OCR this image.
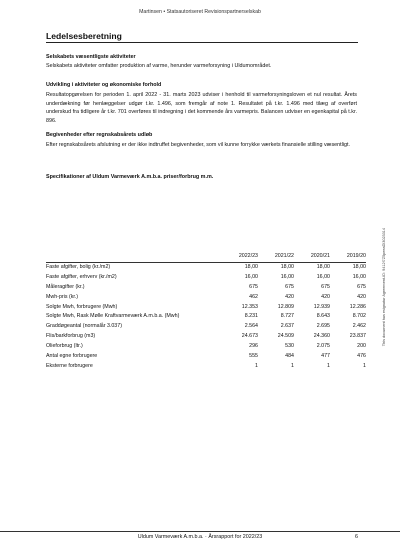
Martinsen • Statsautoriseret Revisionspartnerselskab
Ledelsesberetning
Selskabets væsentligste aktiviteter
Selskabets aktiviteter omfatter produktion af varme, herunder varmeforsyning i Uldumområdet.
Udvikling i aktiviteter og økonomiske forhold
Resultatopgørelsen for perioden 1. april 2022 - 31. marts 2023 udviser i henhold til varmeforsyningsloven et nul resultat. Årets underdækning før henlæggelser udgør t.kr. 1.496, som fremgår af note 1. Resultatet på t.kr. 1.496 med tilæg af overført underskud fra tidligere år t.kr. 701 overføres til indregning i det kommende års varmepris. Balancen udviser en egenkapital på t.kr. 896.
Begivenheder efter regnskabsårets udløb
Efter regnskabsårets afslutning er der ikke indtruffet begivenheder, som vil kunne forrykke værkets finansielle stilling væsentligt.
Specifikationer af Uldum Varmeværk A.m.b.a. priser/forbrug m.m.
	2022/23	2021/22	2020/21	2019/20
Faste afgifter, bolig (kr./m2)	18,00	18,00	18,00	18,00
Faste afgifter, erhverv (kr./m2)	16,00	16,00	16,00	16,00
Måleragifter (kr.)	675	675	675	675
Mwh-pris (kr.)	462	420	420	420
Solgte Mwh, forbrugere (Mwh)	12.353	12.809	12.939	12.286
Solgte Mwh, Rask Mølle Kraftvarmeværk A.m.b.a. (Mwh)	8.231	8.727	8.643	8.702
Graddøgeantal (normalår 3.037)	2.564	2.637	2.695	2.462
Flis/barkforbrug (m3)	24.673	24.509	24.360	23.837
Olieforbrug (ltr.)	296	530	2.075	200
Antal egne forbrugere	555	484	477	476
Eksterne forbrugere	1	1	1	1
This document has esignatur Agreement-ID: 9412f7Z5peeaDl3023314
Uldum Varmeværk A.m.b.a. · Årsrapport for 2022/23	6
